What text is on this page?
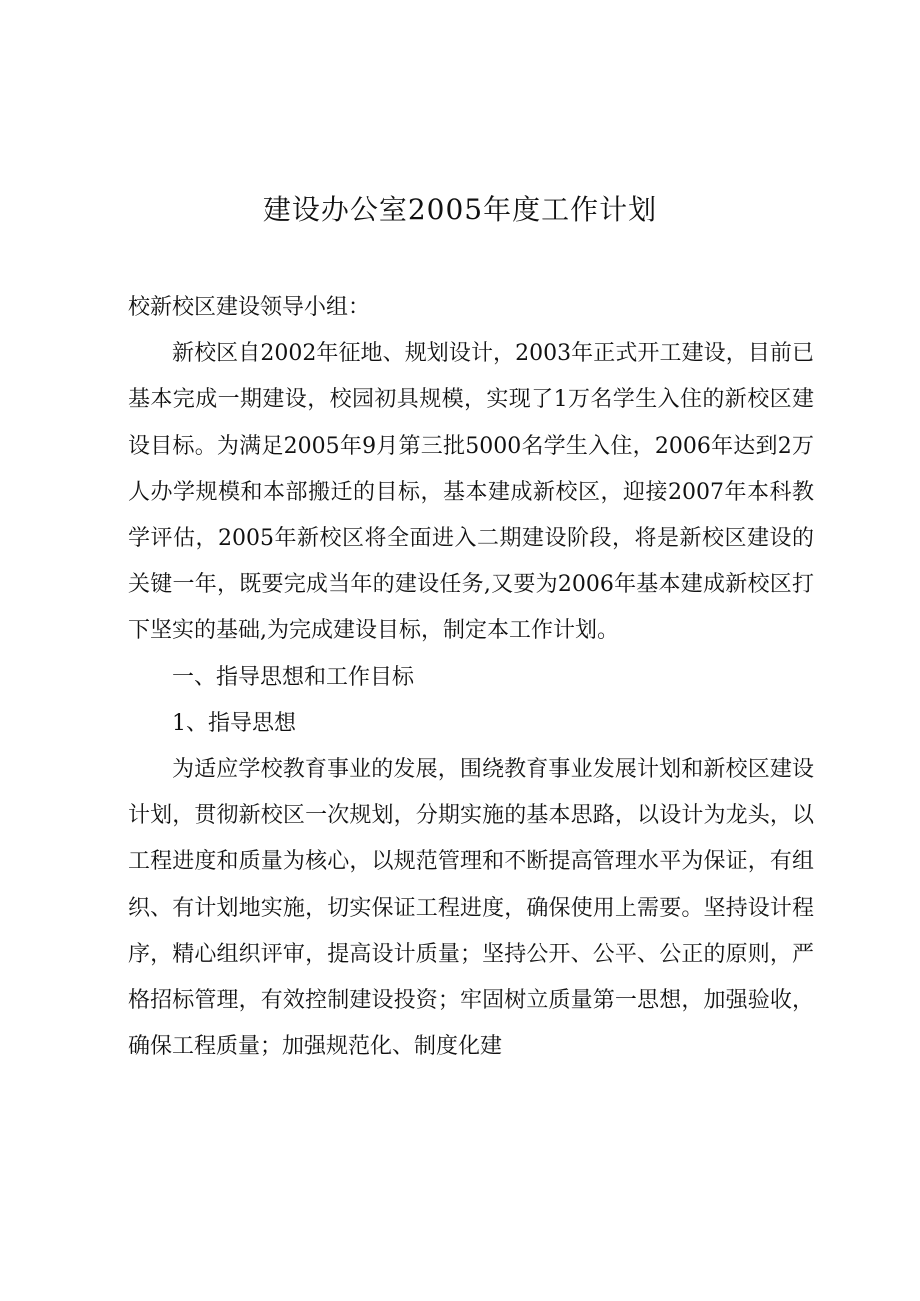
建设办公室2005年度工作计划

校新校区建设领导小组：

新校区自2002年征地、规划设计，2003年正式开工建设，目前已基本完成一期建设，校园初具规模，实现了1万名学生入住的新校区建设目标。为满足2005年9月第三批5000名学生入住，2006年达到2万人办学规模和本部搬迁的目标，基本建成新校区，迎接2007年本科教学评估，2005年新校区将全面进入二期建设阶段，将是新校区建设的关键一年，既要完成当年的建设任务,又要为2006年基本建成新校区打下坚实的基础,为完成建设目标，制定本工作计划。

一、指导思想和工作目标

1、指导思想

为适应学校教育事业的发展，围绕教育事业发展计划和新校区建设计划，贯彻新校区一次规划，分期实施的基本思路，以设计为龙头，以工程进度和质量为核心，以规范管理和不断提高管理水平为保证，有组织、有计划地实施，切实保证工程进度，确保使用上需要。坚持设计程序，精心组织评审，提高设计质量；坚持公开、公平、公正的原则，严格招标管理，有效控制建设投资；牢固树立质量第一思想，加强验收，确保工程质量；加强规范化、制度化建
